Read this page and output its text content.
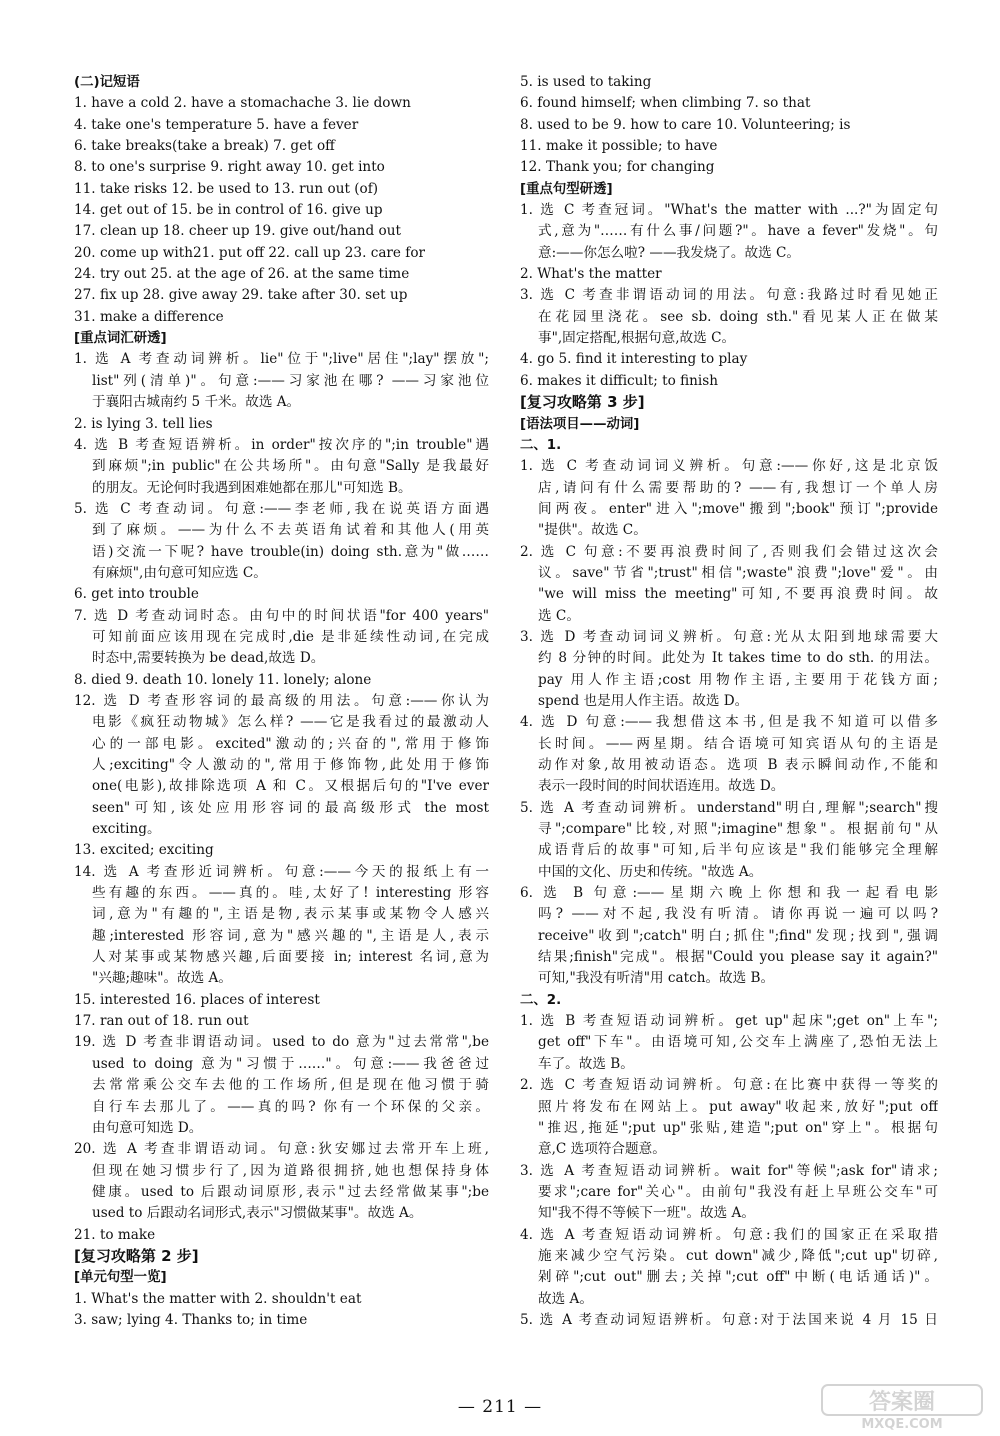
(二)记短语
1. have a cold 2. have a stomachache 3. lie down
4. take one's temperature 5. have a fever
6. take breaks(take a break) 7. get off
8. to one's surprise 9. right away 10. get into
11. take risks 12. be used to 13. run out (of)
14. get out of 15. be in control of 16. give up
17. clean up 18. cheer up 19. give out/hand out
20. come up with21. put off 22. call up 23. care for
24. try out 25. at the age of 26. at the same time
27. fix up 28. give away 29. take after 30. set up
31. make a difference
[重点词汇研透]
1. 选 A 考查动词辨析。lie"位于";live"居住";lay"摆放";
list"列(清单)"。句意:——习家池在哪? ——习家池位
于襄阳古城南约 5 千米。故选 A。
2. is lying 3. tell lies
4. 选 B 考查短语辨析。in order"按次序的";in trouble"遇
到麻烦";in public"在公共场所"。由句意"Sally 是我最好
的朋友。无论何时我遇到困难她都在那儿"可知选 B。
5. 选 C 考查动词。句意:——李老师,我在说英语方面遇
到了麻烦。——为什么不去英语角试着和其他人(用英
语)交流一下呢? have trouble(in) doing sth.意为"做……
有麻烦",由句意可知应选 C。
6. get into trouble
7. 选 D 考查动词时态。由句中的时间状语"for 400 years"
可知前面应该用现在完成时,die 是非延续性动词,在完成
时态中,需要转换为 be dead,故选 D。
8. died 9. death 10. lonely 11. lonely; alone
12. 选 D 考查形容词的最高级的用法。句意:——你认为
电影《疯狂动物城》怎么样? ——它是我看过的最激动人
心的一部电影。excited"激动的;兴奋的",常用于修饰
人;exciting"令人激动的",常用于修饰物,此处用于修饰
one(电影),故排除选项 A 和 C。又根据后句的"I've ever
seen"可知,该处应用形容词的最高级形式 the most
exciting。
13. excited; exciting
14. 选 A 考查形近词辨析。句意:——今天的报纸上有一
些有趣的东西。——真的。哇,太好了! interesting 形容
词,意为"有趣的",主语是物,表示某事或某物令人感兴
趣;interested 形容词,意为"感兴趣的",主语是人,表示
人对某事或某物感兴趣,后面要接 in; interest 名词,意为
"兴趣;趣味"。故选 A。
15. interested 16. places of interest
17. ran out of 18. run out
19. 选 D 考查非谓语动词。used to do 意为"过去常常",be
used to doing 意为"习惯于……"。句意:——我爸爸过
去常常乘公交车去他的工作场所,但是现在他习惯于骑
自行车去那儿了。——真的吗? 你有一个环保的父亲。
由句意可知选 D。
20. 选 A 考查非谓语动词。句意:狄安娜过去常开车上班,
但现在她习惯步行了,因为道路很拥挤,她也想保持身体
健康。used to 后跟动词原形,表示"过去经常做某事";be
used to 后跟动名词形式,表示"习惯做某事"。故选 A。
21. to make
[复习攻略第 2 步]
[单元句型一览]
1. What's the matter with 2. shouldn't eat
3. saw; lying 4. Thanks to; in time
5. is used to taking
6. found himself; when climbing 7. so that
8. used to be 9. how to care 10. Volunteering; is
11. make it possible; to have
12. Thank you; for changing
[重点句型研透]
1. 选 C 考查冠词。"What's the matter with ...?"为固定句
式,意为"……有什么事/问题?"。have a fever"发烧"。句
意:——你怎么啦? ——我发烧了。故选 C。
2. What's the matter
3. 选 C 考查非谓语动词的用法。句意:我路过时看见她正
在花园里浇花。see sb. doing sth."看见某人正在做某
事",固定搭配,根据句意,故选 C。
4. go 5. find it interesting to play
6. makes it difficult; to finish
[复习攻略第 3 步]
[语法项目——动词]
二、1.
1. 选 C 考查动词词义辨析。句意:——你好,这是北京饭
店,请问有什么需要帮助的? ——有,我想订一个单人房
间两夜。enter"进入";move"搬到";book"预订";provide
"提供"。故选 C。
2. 选 C 句意:不要再浪费时间了,否则我们会错过这次会
议。save"节省";trust"相信";waste"浪费";love"爱"。由
"we will miss the meeting"可知,不要再浪费时间。故
选 C。
3. 选 D 考查动词词义辨析。句意:光从太阳到地球需要大
约 8 分钟的时间。此处为 It takes time to do sth. 的用法。
pay 用人作主语;cost 用物作主语,主要用于花钱方面;
spend 也是用人作主语。故选 D。
4. 选 D 句意:——我想借这本书,但是我不知道可以借多
长时间。——两星期。结合语境可知宾语从句的主语是
动作对象,故用被动语态。选项 B 表示瞬间动作,不能和
表示一段时间的时间状语连用。故选 D。
5. 选 A 考查动词辨析。understand"明白,理解";search"搜
寻";compare"比较,对照";imagine"想象"。根据前句"从
成语背后的故事"可知,后半句应该是"我们能够完全理解
中国的文化、历史和传统。"故选 A。
6. 选 B 句意:——星期六晚上你想和我一起看电影
吗? ——对不起,我没有听清。请你再说一遍可以吗?
receive"收到";catch"明白;抓住";find"发现;找到",强调
结果;finish"完成"。根据"Could you please say it again?"
可知,"我没有听清"用 catch。故选 B。
二、2.
1. 选 B 考查短语动词辨析。get up"起床";get on"上车";
get off"下车"。由语境可知,公交车上满座了,恐怕无法上
车了。故选 B。
2. 选 C 考查短语动词辨析。句意:在比赛中获得一等奖的
照片将发布在网站上。put away"收起来,放好";put off
"推迟,拖延";put up"张贴,建造";put on"穿上"。根据句
意,C 选项符合题意。
3. 选 A 考查短语动词辨析。wait for"等候";ask for"请求;
要求";care for"关心"。由前句"我没有赶上早班公交车"可
知"我不得不等候下一班"。故选 A。
4. 选 A 考查短语动词辨析。句意:我们的国家正在采取措
施来减少空气污染。cut down"减少,降低";cut up"切碎,
剁碎";cut out"删去;关掉";cut off"中断(电话通话)"。
故选 A。
5. 选 A 考查动词短语辨析。句意:对于法国来说 4 月 15 日
— 211 —	答案圈
MXQE.COM
